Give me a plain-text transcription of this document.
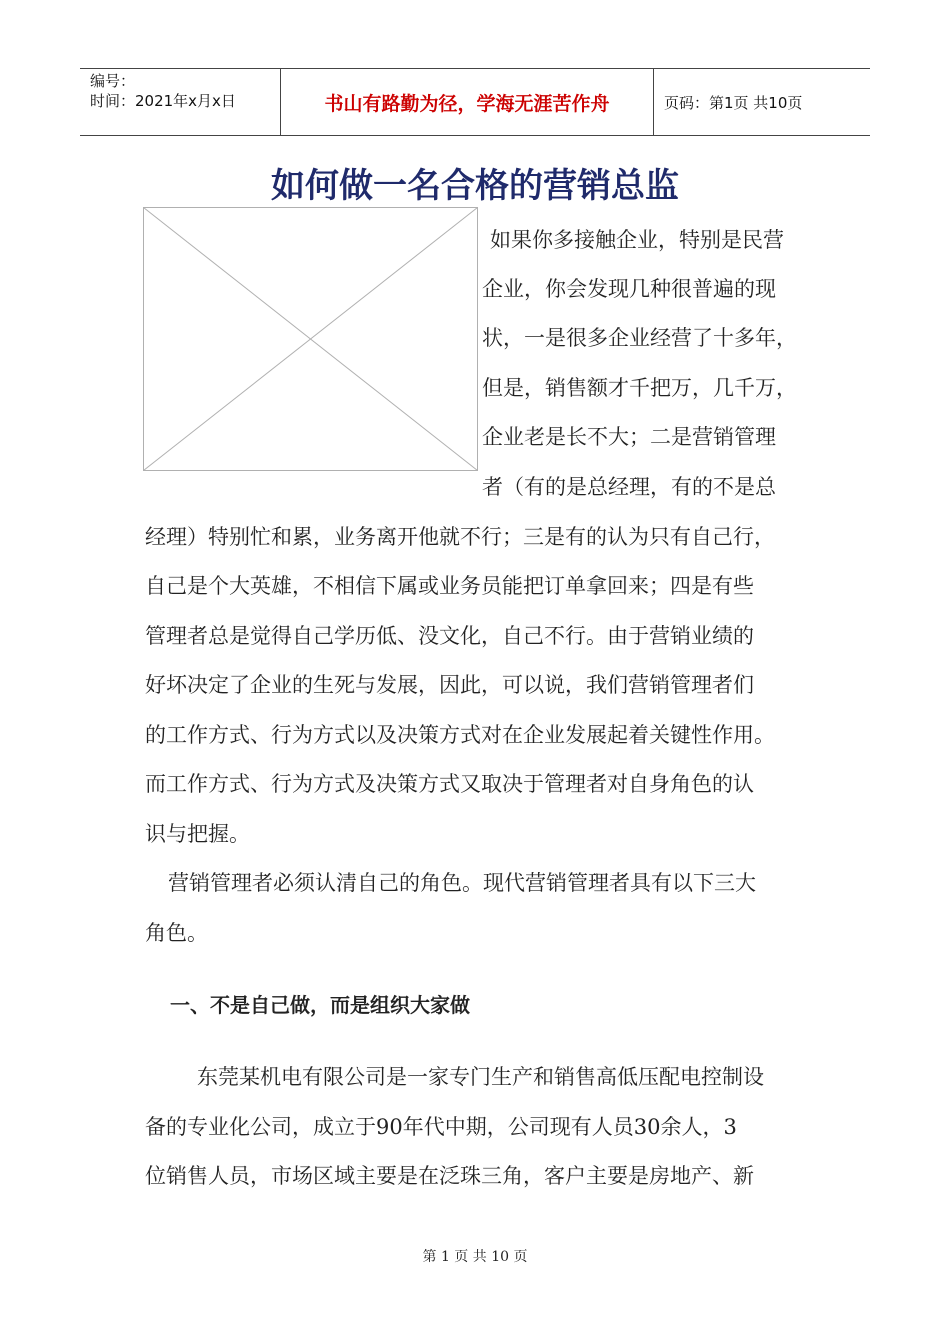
编号：
时间：2021年x月x日	书山有路勤为径，学海无涯苦作舟	页码：第1页 共10页
如何做一名合格的营销总监
如果你多接触企业，特别是民营
企业，你会发现几种很普遍的现
状，一是很多企业经营了十多年，
但是，销售额才千把万，几千万，
企业老是长不大；二是营销管理
者（有的是总经理，有的不是总
经理）特别忙和累，业务离开他就不行；三是有的认为只有自己行，
自己是个大英雄，不相信下属或业务员能把订单拿回来；四是有些
管理者总是觉得自己学历低、没文化，自己不行。由于营销业绩的
好坏决定了企业的生死与发展，因此，可以说，我们营销管理者们
的工作方式、行为方式以及决策方式对在企业发展起着关键性作用。
而工作方式、行为方式及决策方式又取决于管理者对自身角色的认
识与把握。
营销管理者必须认清自己的角色。现代营销管理者具有以下三大
角色。
一、不是自己做，而是组织大家做
东莞某机电有限公司是一家专门生产和销售高低压配电控制设
备的专业化公司，成立于90年代中期，公司现有人员30余人，3
位销售人员，市场区域主要是在泛珠三角，客户主要是房地产、新
第 1 页 共 10 页
